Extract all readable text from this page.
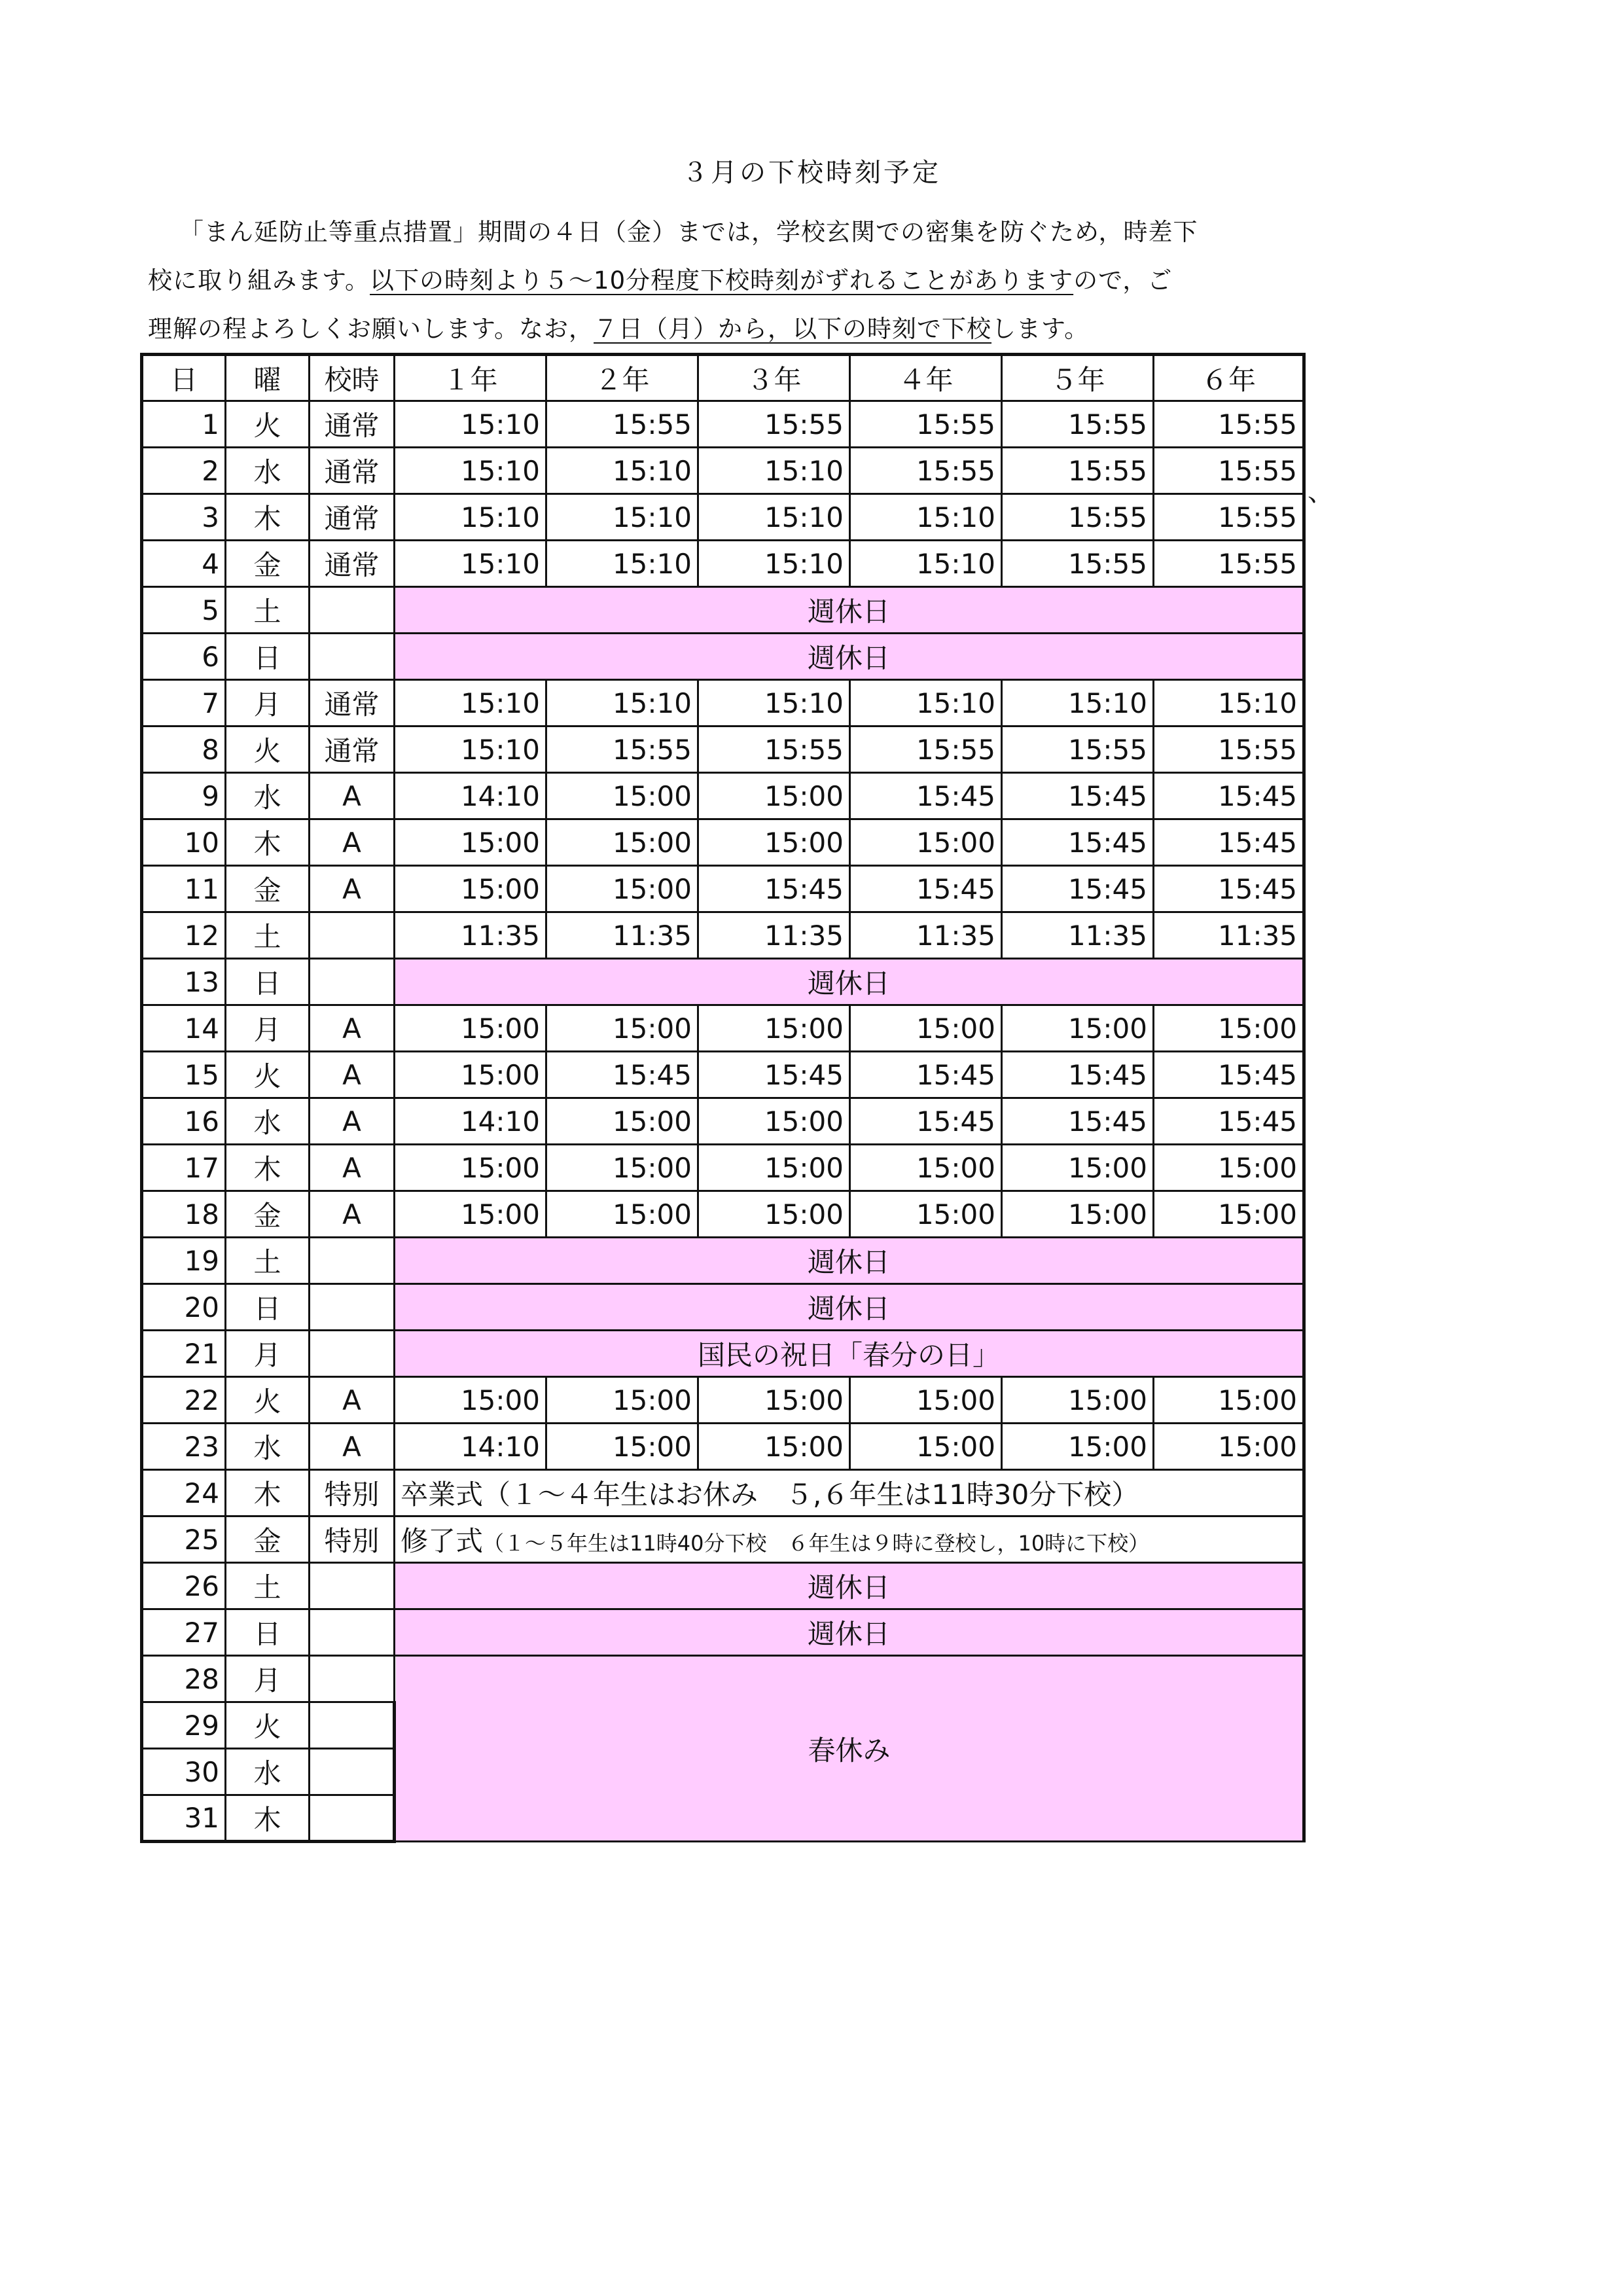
３月の下校時刻予定
「まん延防止等重点措置」期間の４日（金）までは，学校玄関での密集を防ぐため，時差下
校に取り組みます。以下の時刻より５～10分程度下校時刻がずれることがありますので，ご
理解の程よろしくお願いします。なお，７日（月）から，以下の時刻で下校します。
日	曜	校時	１年	２年	３年	４年	５年	６年
1	火	通常	15:10	15:55	15:55	15:55	15:55	15:55
2	水	通常	15:10	15:10	15:10	15:55	15:55	15:55
3	木	通常	15:10	15:10	15:10	15:10	15:55	15:55
4	金	通常	15:10	15:10	15:10	15:10	15:55	15:55
5	土		週休日					
6	日		週休日					
7	月	通常	15:10	15:10	15:10	15:10	15:10	15:10
8	火	通常	15:10	15:55	15:55	15:55	15:55	15:55
9	水	A	14:10	15:00	15:00	15:45	15:45	15:45
10	木	A	15:00	15:00	15:00	15:00	15:45	15:45
11	金	A	15:00	15:00	15:45	15:45	15:45	15:45
12	土		11:35	11:35	11:35	11:35	11:35	11:35
13	日		週休日					
14	月	A	15:00	15:00	15:00	15:00	15:00	15:00
15	火	A	15:00	15:45	15:45	15:45	15:45	15:45
16	水	A	14:10	15:00	15:00	15:45	15:45	15:45
17	木	A	15:00	15:00	15:00	15:00	15:00	15:00
18	金	A	15:00	15:00	15:00	15:00	15:00	15:00
19	土		週休日					
20	日		週休日					
21	月		国民の祝日「春分の日」					
22	火	A	15:00	15:00	15:00	15:00	15:00	15:00
23	水	A	14:10	15:00	15:00	15:00	15:00	15:00
24	木	特別	卒業式（１～４年生はお休み　５,６年生は11時30分下校）					
25	金	特別	修了式（１～５年生は11時40分下校　６年生は９時に登校し，10時に下校）					
26	土		週休日					
27	日		週休日					
28	月		春休み					
29	火							
30	水							
31	木							
、
